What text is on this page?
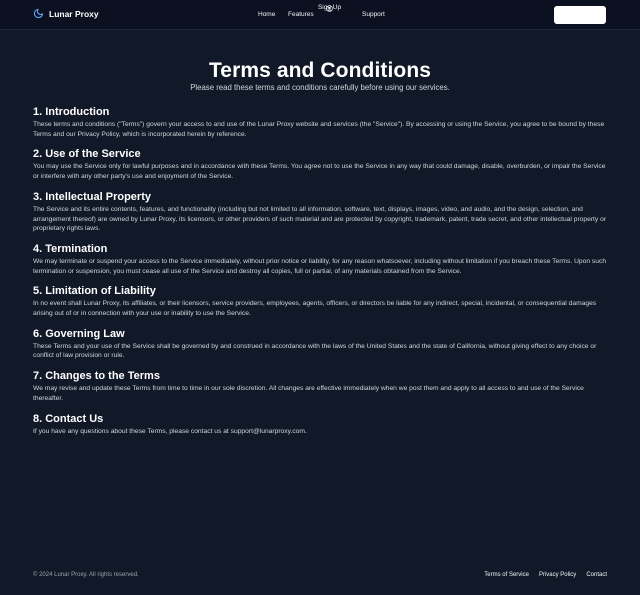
Lunar Proxy	Home Features
Sign Up
Support
Terms and Conditions
Please read these terms and conditions carefully before using our services.
1. Introduction

These terms and conditions ("Terms") govern your access to and use of the Lunar Proxy website and services (the "Service"). By accessing or using the Service, you agree to be bound by these Terms and our Privacy Policy, which is incorporated herein by reference.

2. Use of the Service

You may use the Service only for lawful purposes and in accordance with these Terms. You agree not to use the Service in any way that could damage, disable, overburden, or impair the Service or interfere with any other party's use and enjoyment of the Service.

3. Intellectual Property

The Service and its entire contents, features, and functionality (including but not limited to all information, software, text, displays, images, video, and audio, and the design, selection, and arrangement thereof) are owned by Lunar Proxy, its licensors, or other providers of such material and are protected by copyright, trademark, patent, trade secret, and other intellectual property or proprietary rights laws.

4. Termination

We may terminate or suspend your access to the Service immediately, without prior notice or liability, for any reason whatsoever, including without limitation if you breach these Terms. Upon such termination or suspension, you must cease all use of the Service and destroy all copies, full or partial, of any materials obtained from the Service.

5. Limitation of Liability

In no event shall Lunar Proxy, its affiliates, or their licensors, service providers, employees, agents, officers, or directors be liable for any indirect, special, incidental, or consequential damages arising out of or in connection with your use or inability to use the Service.

6. Governing Law

These Terms and your use of the Service shall be governed by and construed in accordance with the laws of the United States and the state of California, without giving effect to any choice or conflict of law provision or rule.

7. Changes to the Terms

We may revise and update these Terms from time to time in our sole discretion. All changes are effective immediately when we post them and apply to all access to and use of the Service thereafter.

8. Contact Us

If you have any questions about these Terms, please contact us at support@lunarproxy.com.

© 2024 Lunar Proxy. All rights reserved.	Terms of Service Privacy Policy Contact
